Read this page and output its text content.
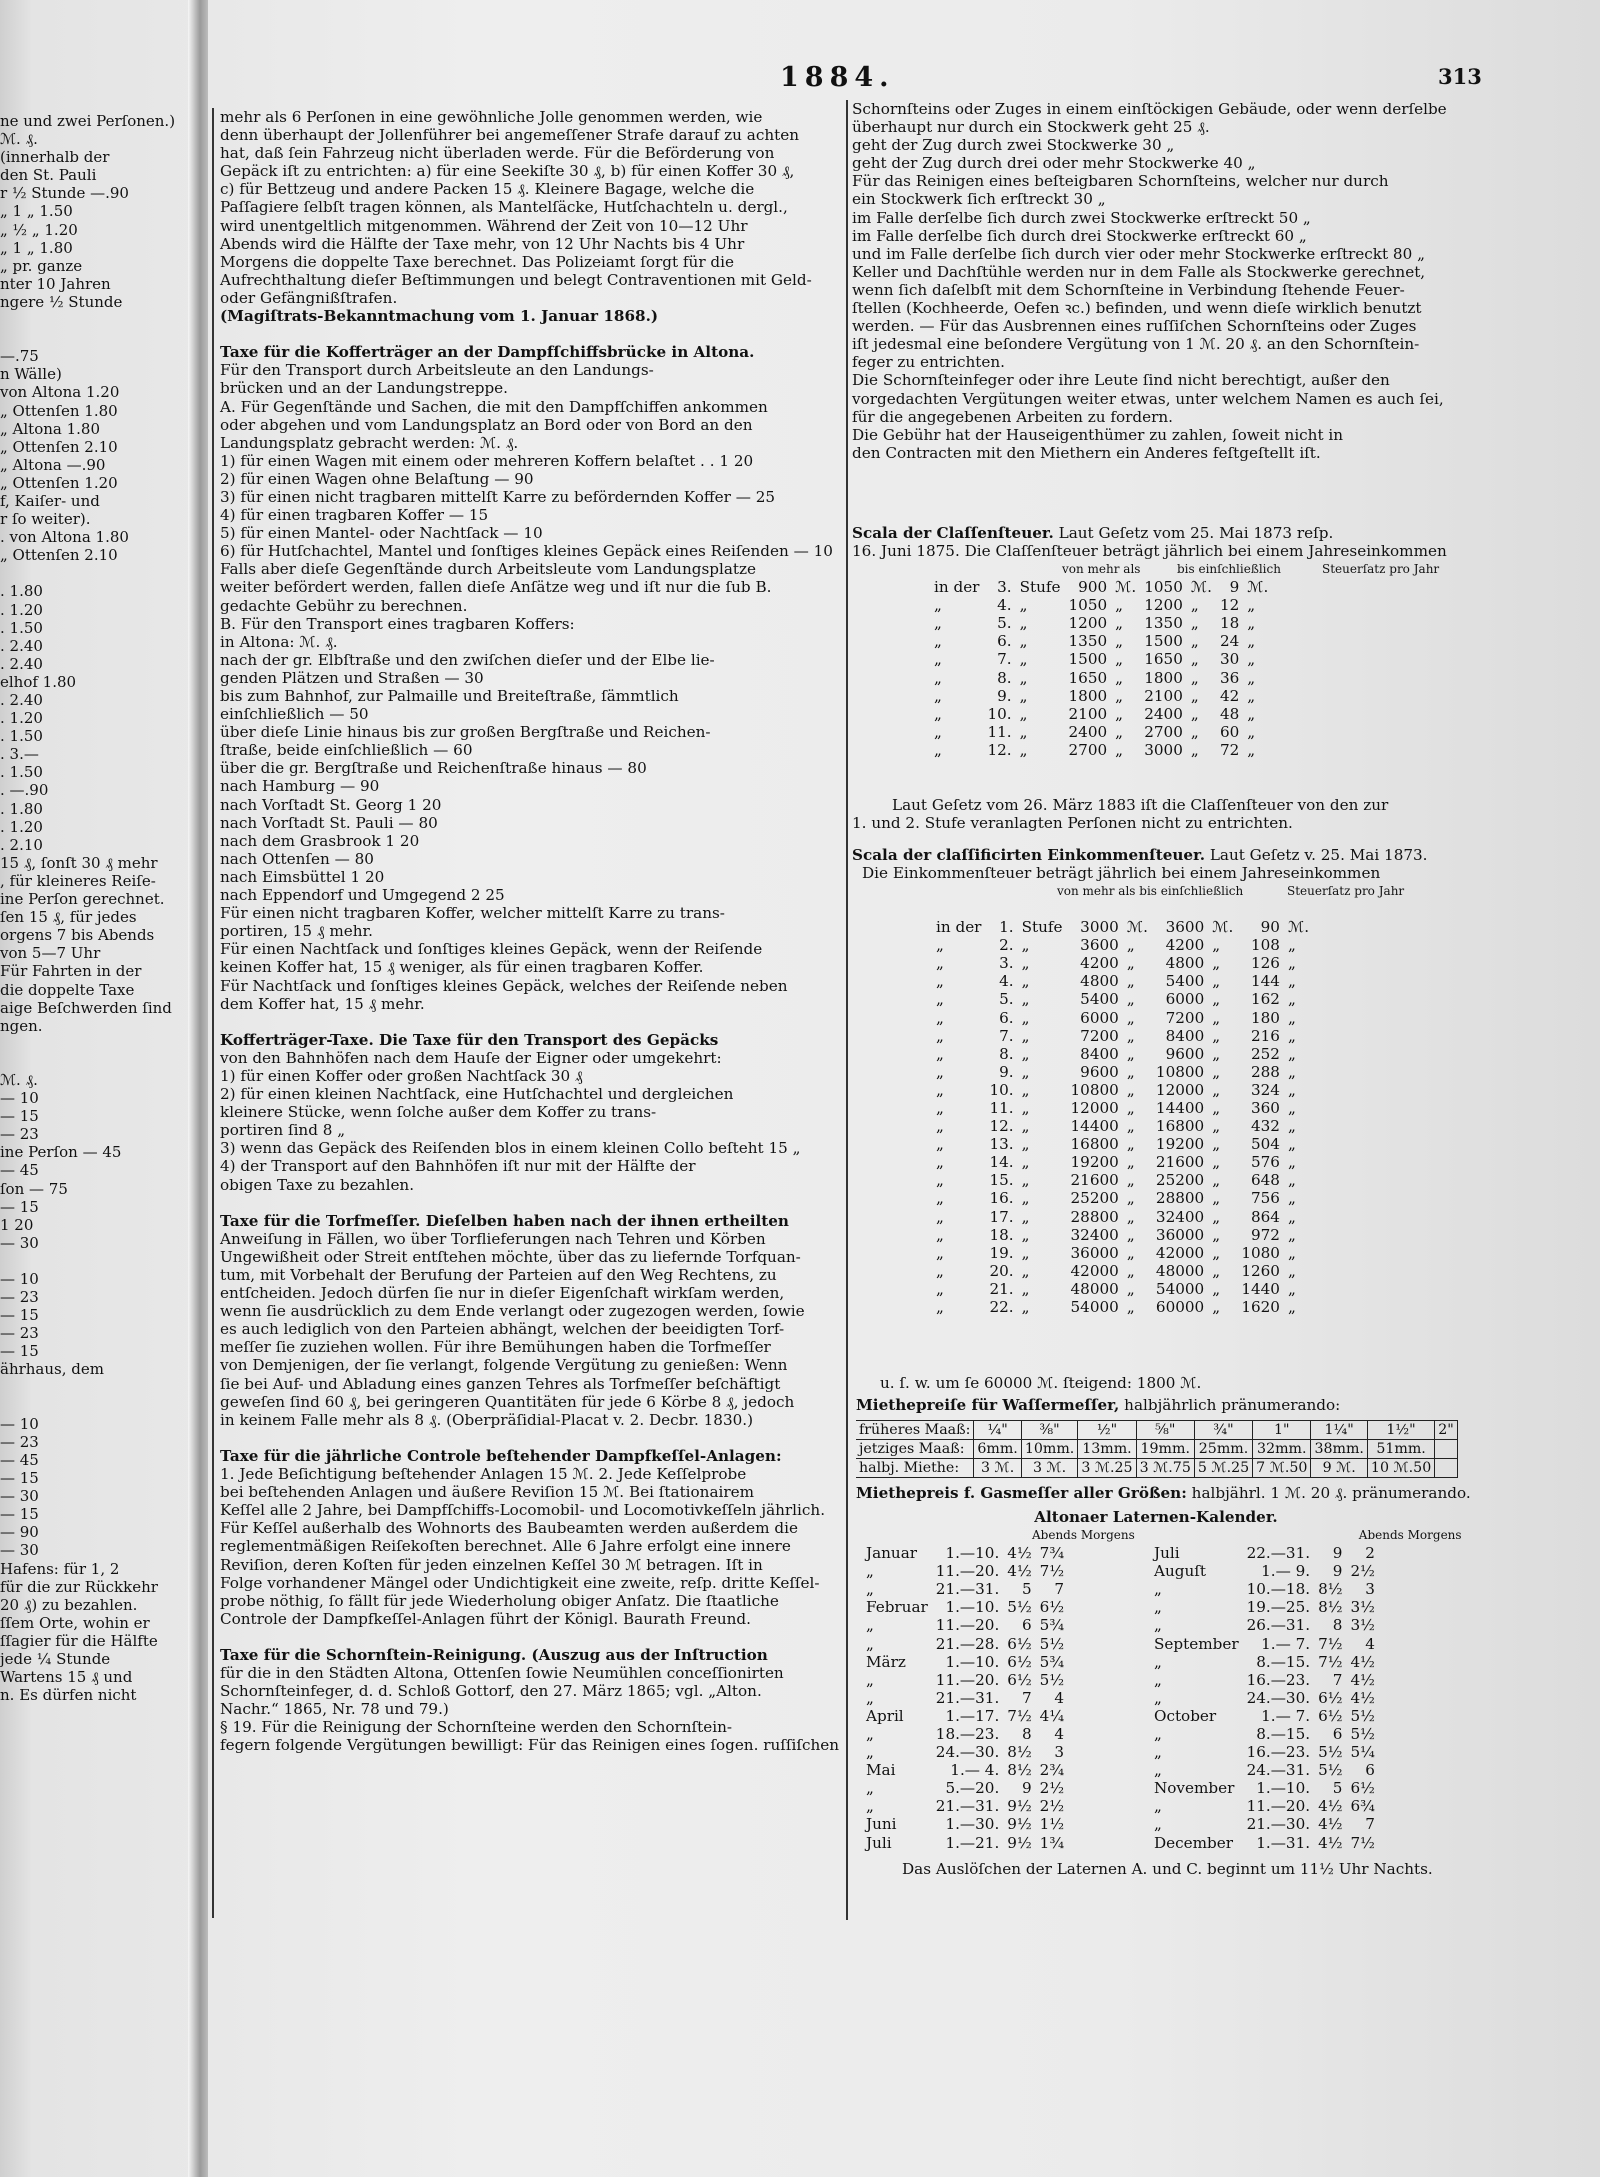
1884.	313
ne und zwei Perſonen.)
ℳ. ₰.
(innerhalb der
den St. Pauli
r ½ Stunde —.90
„ 1 „ 1.50
„ ½ „ 1.20
„ 1 „ 1.80
„ pr. ganze
nter 10 Jahren
ngere ½ Stunde
—.75
n Wälle)
von Altona 1.20
„ Ottenſen 1.80
„ Altona 1.80
„ Ottenſen 2.10
„ Altona —.90
„ Ottenſen 1.20
f, Kaiſer- und
r ſo weiter).
. von Altona 1.80
„ Ottenſen 2.10
. 1.80
. 1.20
. 1.50
. 2.40
. 2.40
elhof 1.80
. 2.40
. 1.20
. 1.50
. 3.—
. 1.50
. —.90
. 1.80
. 1.20
. 2.10
15 ₰, ſonſt 30 ₰ mehr
, für kleineres Reiſe-
ine Perſon gerechnet.
ſen 15 ₰, für jedes
orgens 7 bis Abends
von 5—7 Uhr
Für Fahrten in der
die doppelte Taxe
aige Beſchwerden ſind
ngen.
ℳ. ₰.
— 10
— 15
— 23
ine Perſon — 45
— 45
ſon — 75
— 15
1 20
— 30
— 10
— 23
— 15
— 23
— 15
ährhaus, dem
— 10
— 23
— 45
— 15
— 30
— 15
— 90
— 30
Hafens: für 1, 2
für die zur Rückkehr
20 ₰) zu bezahlen.
ſſem Orte, wohin er
ſſagier für die Hälfte
jede ¼ Stunde
Wartens 15 ₰ und
n. Es dürfen nicht
mehr als 6 Perſonen in eine gewöhnliche Jolle genommen werden, wie
denn überhaupt der Jollenführer bei angemeſſener Strafe darauf zu achten
hat, daß ſein Fahrzeug nicht überladen werde. Für die Beförderung von
Gepäck iſt zu entrichten: a) für eine Seekiſte 30 ₰, b) für einen Koffer 30 ₰,
c) für Bettzeug und andere Packen 15 ₰. Kleinere Bagage, welche die
Paſſagiere ſelbſt tragen können, als Mantelſäcke, Hutſchachteln u. dergl.,
wird unentgeltlich mitgenommen. Während der Zeit von 10—12 Uhr
Abends wird die Hälfte der Taxe mehr, von 12 Uhr Nachts bis 4 Uhr
Morgens die doppelte Taxe berechnet. Das Polizeiamt ſorgt für die
Aufrechthaltung dieſer Beſtimmungen und belegt Contraventionen mit Geld-
oder Gefängnißſtrafen.
(Magiſtrats-Bekanntmachung vom 1. Januar 1868.)
Taxe für die Kofferträger an der Dampfſchiffsbrücke in Altona.
Für den Transport durch Arbeitsleute an den Landungs-
brücken und an der Landungstreppe.
A. Für Gegenſtände und Sachen, die mit den Dampfſchiffen ankommen
oder abgehen und vom Landungsplatz an Bord oder von Bord an den
Landungsplatz gebracht werden: ℳ. ₰.
1) für einen Wagen mit einem oder mehreren Koffern belaſtet . . 1 20
2) für einen Wagen ohne Belaſtung — 90
3) für einen nicht tragbaren mittelſt Karre zu befördernden Koffer — 25
4) für einen tragbaren Koffer — 15
5) für einen Mantel- oder Nachtſack — 10
6) für Hutſchachtel, Mantel und ſonſtiges kleines Gepäck eines Reiſenden — 10
Falls aber dieſe Gegenſtände durch Arbeitsleute vom Landungsplatze
weiter befördert werden, fallen dieſe Anſätze weg und iſt nur die ſub B.
gedachte Gebühr zu berechnen.
B. Für den Transport eines tragbaren Koffers:
in Altona: ℳ. ₰.
nach der gr. Elbſtraße und den zwiſchen dieſer und der Elbe lie-
genden Plätzen und Straßen — 30
bis zum Bahnhof, zur Palmaille und Breiteſtraße, ſämmtlich
einſchließlich — 50
über dieſe Linie hinaus bis zur großen Bergſtraße und Reichen-
ſtraße, beide einſchließlich — 60
über die gr. Bergſtraße und Reichenſtraße hinaus — 80
nach Hamburg — 90
nach Vorſtadt St. Georg 1 20
nach Vorſtadt St. Pauli — 80
nach dem Grasbrook 1 20
nach Ottenſen — 80
nach Eimsbüttel 1 20
nach Eppendorf und Umgegend 2 25
Für einen nicht tragbaren Koffer, welcher mittelſt Karre zu trans-
portiren, 15 ₰ mehr.
Für einen Nachtſack und ſonſtiges kleines Gepäck, wenn der Reiſende
keinen Koffer hat, 15 ₰ weniger, als für einen tragbaren Koffer.
Für Nachtſack und ſonſtiges kleines Gepäck, welches der Reiſende neben
dem Koffer hat, 15 ₰ mehr.
Kofferträger-Taxe. Die Taxe für den Transport des Gepäcks
von den Bahnhöfen nach dem Hauſe der Eigner oder umgekehrt:
1) für einen Koffer oder großen Nachtſack 30 ₰
2) für einen kleinen Nachtſack, eine Hutſchachtel und dergleichen
kleinere Stücke, wenn ſolche außer dem Koffer zu trans-
portiren ſind 8 „
3) wenn das Gepäck des Reiſenden blos in einem kleinen Collo beſteht 15 „
4) der Transport auf den Bahnhöfen iſt nur mit der Hälfte der
obigen Taxe zu bezahlen.
Taxe für die Torfmeſſer. Dieſelben haben nach der ihnen ertheilten
Anweiſung in Fällen, wo über Torflieferungen nach Tehren und Körben
Ungewißheit oder Streit entſtehen möchte, über das zu liefernde Torfquan-
tum, mit Vorbehalt der Berufung der Parteien auf den Weg Rechtens, zu
entſcheiden. Jedoch dürfen ſie nur in dieſer Eigenſchaft wirkſam werden,
wenn ſie ausdrücklich zu dem Ende verlangt oder zugezogen werden, ſowie
es auch lediglich von den Parteien abhängt, welchen der beeidigten Torf-
meſſer ſie zuziehen wollen. Für ihre Bemühungen haben die Torfmeſſer
von Demjenigen, der ſie verlangt, folgende Vergütung zu genießen: Wenn
ſie bei Auf- und Abladung eines ganzen Tehres als Torfmeſſer beſchäftigt
geweſen ſind 60 ₰, bei geringeren Quantitäten für jede 6 Körbe 8 ₰, jedoch
in keinem Falle mehr als 8 ₰. (Oberpräſidial-Placat v. 2. Decbr. 1830.)
Taxe für die jährliche Controle beſtehender Dampfkeſſel-Anlagen:
1. Jede Beſichtigung beſtehender Anlagen 15 ℳ. 2. Jede Keſſelprobe
bei beſtehenden Anlagen und äußere Reviſion 15 ℳ. Bei ſtationairem
Keſſel alle 2 Jahre, bei Dampfſchiffs-Locomobil- und Locomotivkeſſeln jährlich.
Für Keſſel außerhalb des Wohnorts des Baubeamten werden außerdem die
reglementmäßigen Reiſekoſten berechnet. Alle 6 Jahre erfolgt eine innere
Reviſion, deren Koſten für jeden einzelnen Keſſel 30 ℳ betragen. Iſt in
Folge vorhandener Mängel oder Undichtigkeit eine zweite, reſp. dritte Keſſel-
probe nöthig, ſo fällt für jede Wiederholung obiger Anſatz. Die ſtaatliche
Controle der Dampfkeſſel-Anlagen führt der Königl. Baurath Freund.
Taxe für die Schornſtein-Reinigung. (Auszug aus der Inſtruction
für die in den Städten Altona, Ottenſen ſowie Neumühlen conceſſionirten
Schornſteinfeger, d. d. Schloß Gottorf, den 27. März 1865; vgl. „Alton.
Nachr.“ 1865, Nr. 78 und 79.)
§ 19. Für die Reinigung der Schornſteine werden den Schornſtein-
fegern folgende Vergütungen bewilligt: Für das Reinigen eines ſogen. ruſſiſchen
Schornſteins oder Zuges in einem einſtöckigen Gebäude, oder wenn derſelbe
überhaupt nur durch ein Stockwerk geht 25 ₰.
geht der Zug durch zwei Stockwerke 30 „
geht der Zug durch drei oder mehr Stockwerke 40 „
Für das Reinigen eines beſteigbaren Schornſteins, welcher nur durch
ein Stockwerk ſich erſtreckt 30 „
im Falle derſelbe ſich durch zwei Stockwerke erſtreckt 50 „
im Falle derſelbe ſich durch drei Stockwerke erſtreckt 60 „
und im Falle derſelbe ſich durch vier oder mehr Stockwerke erſtreckt 80 „
Keller und Dachſtühle werden nur in dem Falle als Stockwerke gerechnet,
wenn ſich daſelbſt mit dem Schornſteine in Verbindung ſtehende Feuer-
ſtellen (Kochheerde, Oefen ꝛc.) befinden, und wenn dieſe wirklich benutzt
werden. — Für das Ausbrennen eines ruſſiſchen Schornſteins oder Zuges
iſt jedesmal eine beſondere Vergütung von 1 ℳ. 20 ₰. an den Schornſtein-
feger zu entrichten.
Die Schornſteinfeger oder ihre Leute ſind nicht berechtigt, außer den
vorgedachten Vergütungen weiter etwas, unter welchem Namen es auch ſei,
für die angegebenen Arbeiten zu fordern.
Die Gebühr hat der Hauseigenthümer zu zahlen, ſoweit nicht in
den Contracten mit den Miethern ein Anderes feſtgeſtellt iſt.
Scala der Claſſenſteuer. Laut Geſetz vom 25. Mai 1873 reſp.
16. Juni 1875. Die Claſſenſteuer beträgt jährlich bei einem Jahreseinkommen
von mehr als	bis einſchließlich	Steuerſatz pro Jahr
in der	3.	Stufe	900	ℳ.	1050	ℳ.	9	ℳ.
„	4.	„	1050	„	1200	„	12	„
„	5.	„	1200	„	1350	„	18	„
„	6.	„	1350	„	1500	„	24	„
„	7.	„	1500	„	1650	„	30	„
„	8.	„	1650	„	1800	„	36	„
„	9.	„	1800	„	2100	„	42	„
„	10.	„	2100	„	2400	„	48	„
„	11.	„	2400	„	2700	„	60	„
„	12.	„	2700	„	3000	„	72	„
Laut Geſetz vom 26. März 1883 iſt die Claſſenſteuer von den zur
1. und 2. Stufe veranlagten Perſonen nicht zu entrichten.
Scala der claſſificirten Einkommenſteuer. Laut Geſetz v. 25. Mai 1873.
Die Einkommenſteuer beträgt jährlich bei einem Jahreseinkommen
von mehr als bis einſchließlich	Steuerſatz pro Jahr
in der	1.	Stufe	3000	ℳ.	3600	ℳ.	90	ℳ.
„	2.	„	3600	„	4200	„	108	„
„	3.	„	4200	„	4800	„	126	„
„	4.	„	4800	„	5400	„	144	„
„	5.	„	5400	„	6000	„	162	„
„	6.	„	6000	„	7200	„	180	„
„	7.	„	7200	„	8400	„	216	„
„	8.	„	8400	„	9600	„	252	„
„	9.	„	9600	„	10800	„	288	„
„	10.	„	10800	„	12000	„	324	„
„	11.	„	12000	„	14400	„	360	„
„	12.	„	14400	„	16800	„	432	„
„	13.	„	16800	„	19200	„	504	„
„	14.	„	19200	„	21600	„	576	„
„	15.	„	21600	„	25200	„	648	„
„	16.	„	25200	„	28800	„	756	„
„	17.	„	28800	„	32400	„	864	„
„	18.	„	32400	„	36000	„	972	„
„	19.	„	36000	„	42000	„	1080	„
„	20.	„	42000	„	48000	„	1260	„
„	21.	„	48000	„	54000	„	1440	„
„	22.	„	54000	„	60000	„	1620	„
u. ſ. w. um ſe 60000 ℳ. ſteigend: 1800 ℳ.
Miethepreiſe für Waſſermeſſer, halbjährlich pränumerando:
früheres Maaß:	¼"	⅜"	½"	⁵⁄₈"	¾"	1"	1¼"	1½"	2"
jetziges Maaß:	6mm.	10mm.	13mm.	19mm.	25mm.	32mm.	38mm.	51mm.	
halbj. Miethe:	3 ℳ.	3 ℳ.	3 ℳ.25	3 ℳ.75	5 ℳ.25	7 ℳ.50	9 ℳ.	10 ℳ.50	
Miethepreis f. Gasmeſſer aller Größen: halbjährl. 1 ℳ. 20 ₰. pränumerando.
Altonaer Laternen-Kalender.
Abends Morgens	Abends Morgens
Januar	1.—10.	4½	7¾
„	11.—20.	4½	7½
„	21.—31.	5	7
Februar	1.—10.	5½	6½
„	11.—20.	6	5¾
„	21.—28.	6½	5½
März	1.—10.	6½	5¾
„	11.—20.	6½	5½
„	21.—31.	7	4
April	1.—17.	7½	4¼
„	18.—23.	8	4
„	24.—30.	8½	3
Mai	1.— 4.	8½	2¾
„	5.—20.	9	2½
„	21.—31.	9½	2½
Juni	1.—30.	9½	1½
Juli	1.—21.	9½	1¾
Juli	22.—31.	9	2
Auguſt	1.— 9.	9	2½
„	10.—18.	8½	3
„	19.—25.	8½	3½
„	26.—31.	8	3½
September	1.— 7.	7½	4
„	8.—15.	7½	4½
„	16.—23.	7	4½
„	24.—30.	6½	4½
October	1.— 7.	6½	5½
„	8.—15.	6	5½
„	16.—23.	5½	5¼
„	24.—31.	5½	6
November	1.—10.	5	6½
„	11.—20.	4½	6¾
„	21.—30.	4½	7
December	1.—31.	4½	7½
Das Auslöſchen der Laternen A. und C. beginnt um 11½ Uhr Nachts.
